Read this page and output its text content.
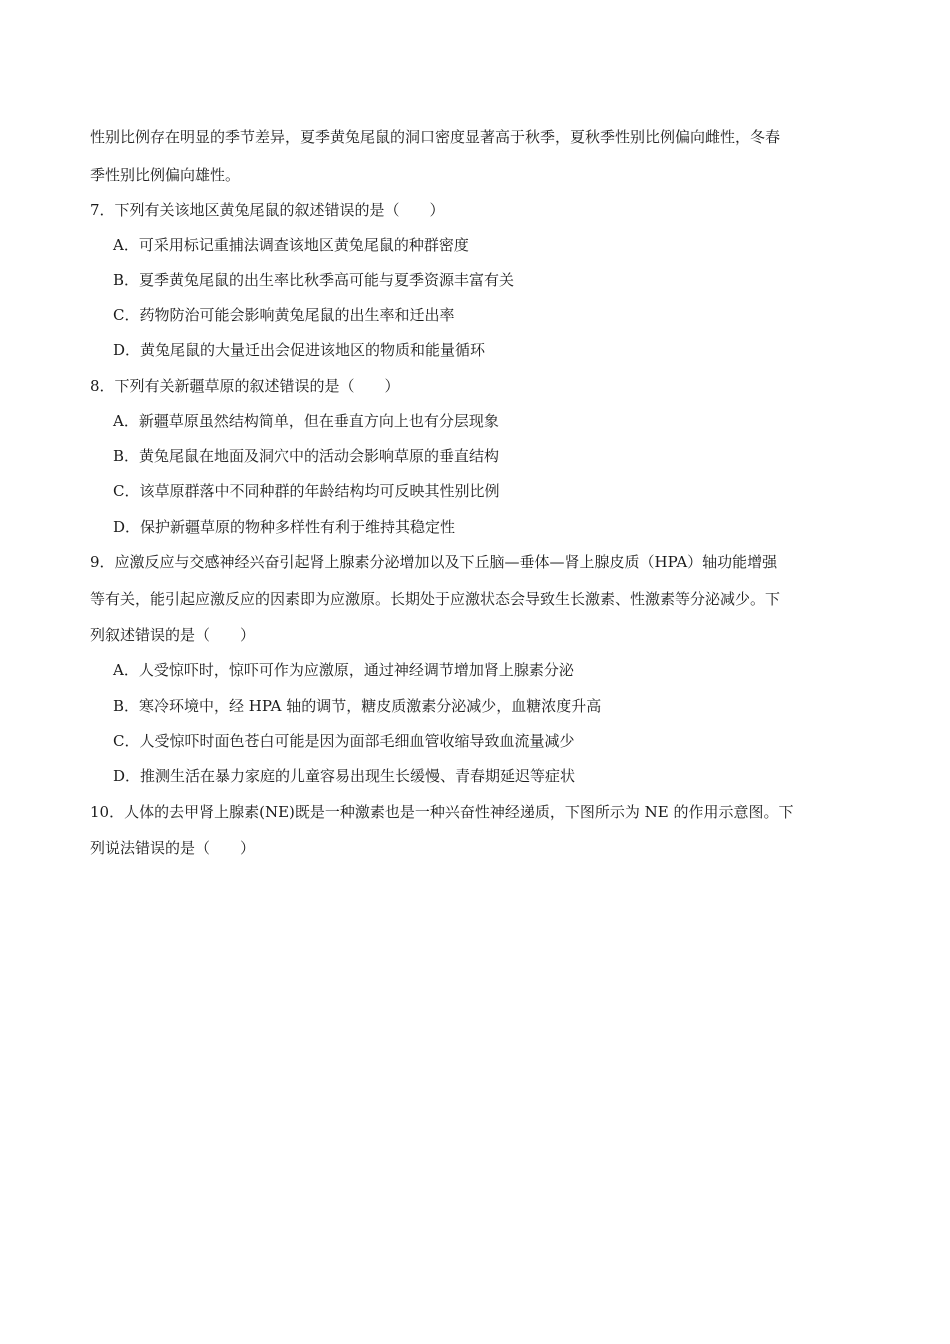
性别比例存在明显的季节差异，夏季黄兔尾鼠的洞口密度显著高于秋季，夏秋季性别比例偏向雌性，冬春
季性别比例偏向雄性。
7．下列有关该地区黄兔尾鼠的叙述错误的是（　　）
A．可采用标记重捕法调查该地区黄兔尾鼠的种群密度
B．夏季黄兔尾鼠的出生率比秋季高可能与夏季资源丰富有关
C．药物防治可能会影响黄兔尾鼠的出生率和迁出率
D．黄兔尾鼠的大量迁出会促进该地区的物质和能量循环
8．下列有关新疆草原的叙述错误的是（　　）
A．新疆草原虽然结构简单，但在垂直方向上也有分层现象
B．黄兔尾鼠在地面及洞穴中的活动会影响草原的垂直结构
C．该草原群落中不同种群的年龄结构均可反映其性别比例
D．保护新疆草原的物种多样性有利于维持其稳定性
9．应激反应与交感神经兴奋引起肾上腺素分泌增加以及下丘脑—垂体—肾上腺皮质（HPA）轴功能增强
等有关，能引起应激反应的因素即为应激原。长期处于应激状态会导致生长激素、性激素等分泌减少。下
列叙述错误的是（　　）
A．人受惊吓时，惊吓可作为应激原，通过神经调节增加肾上腺素分泌
B．寒冷环境中，经 HPA 轴的调节，糖皮质激素分泌减少，血糖浓度升高
C．人受惊吓时面色苍白可能是因为面部毛细血管收缩导致血流量减少
D．推测生活在暴力家庭的儿童容易出现生长缓慢、青春期延迟等症状
10．人体的去甲肾上腺素(NE)既是一种激素也是一种兴奋性神经递质，下图所示为 NE 的作用示意图。下
列说法错误的是（　　）
